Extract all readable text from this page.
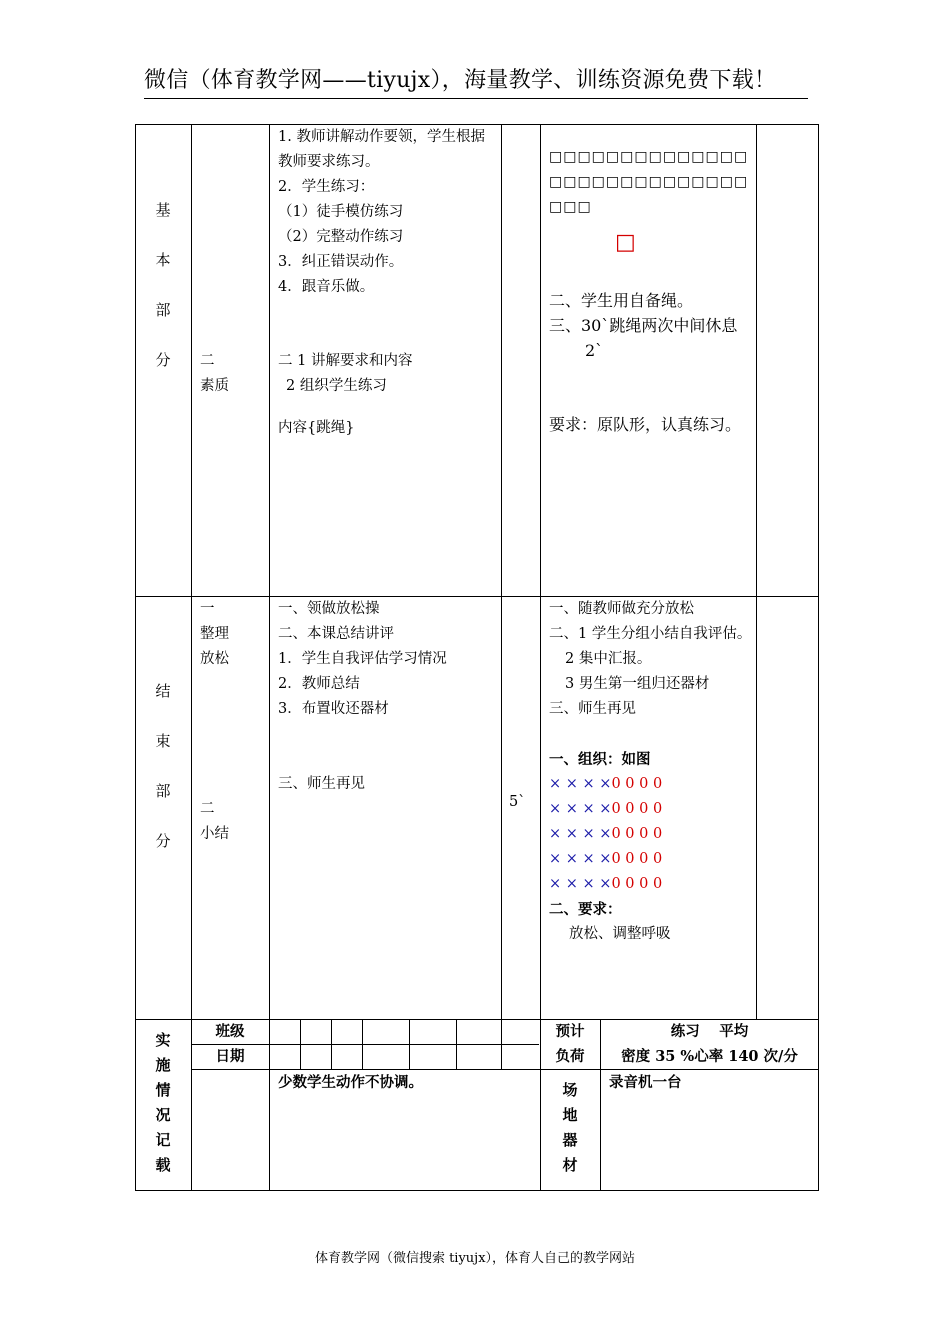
微信（体育教学网——tiyujx），海量教学、训练资源免费下载！
基
本
部
分	二
素质
1. 教师讲解动作要领，学生根据教师要求练习。
2．学生练习：
（1）徒手模仿练习
（2）完整动作练习
3．纠正错误动作。
4．跟音乐做。
二 1 讲解要求和内容
2 组织学生练习
内容{跳绳}
□□□□□□□□□□□□□□□□□□□□□□□□□□□□□□□
□
二、学生用自备绳。
三、30`跳绳两次中间休息 2`
要求：原队形，认真练习。
结
束
部
分
一
整理
放松
二
小结
一、领做放松操
二、本课总结讲评
1．学生自我评估学习情况
2．教师总结
3．布置收还器材
三、师生再见
5`
一、随教师做充分放松
二、1 学生分组小结自我评估。
2 集中汇报。
3 男生第一组归还器材
三、师生再见
一、组织：如图
× × × ×0 0 0 0
× × × ×0 0 0 0
× × × ×0 0 0 0
× × × ×0 0 0 0
× × × ×0 0 0 0
二、要求：
放松、调整呼吸
实
施
情
况
记
载
班级
日期
预计
负荷
练习　 平均
密度 35 %心率 140 次/分
少数学生动作不协调。	场
地
器
材
录音机一台
体育教学网（微信搜索 tiyujx），体育人自己的教学网站
